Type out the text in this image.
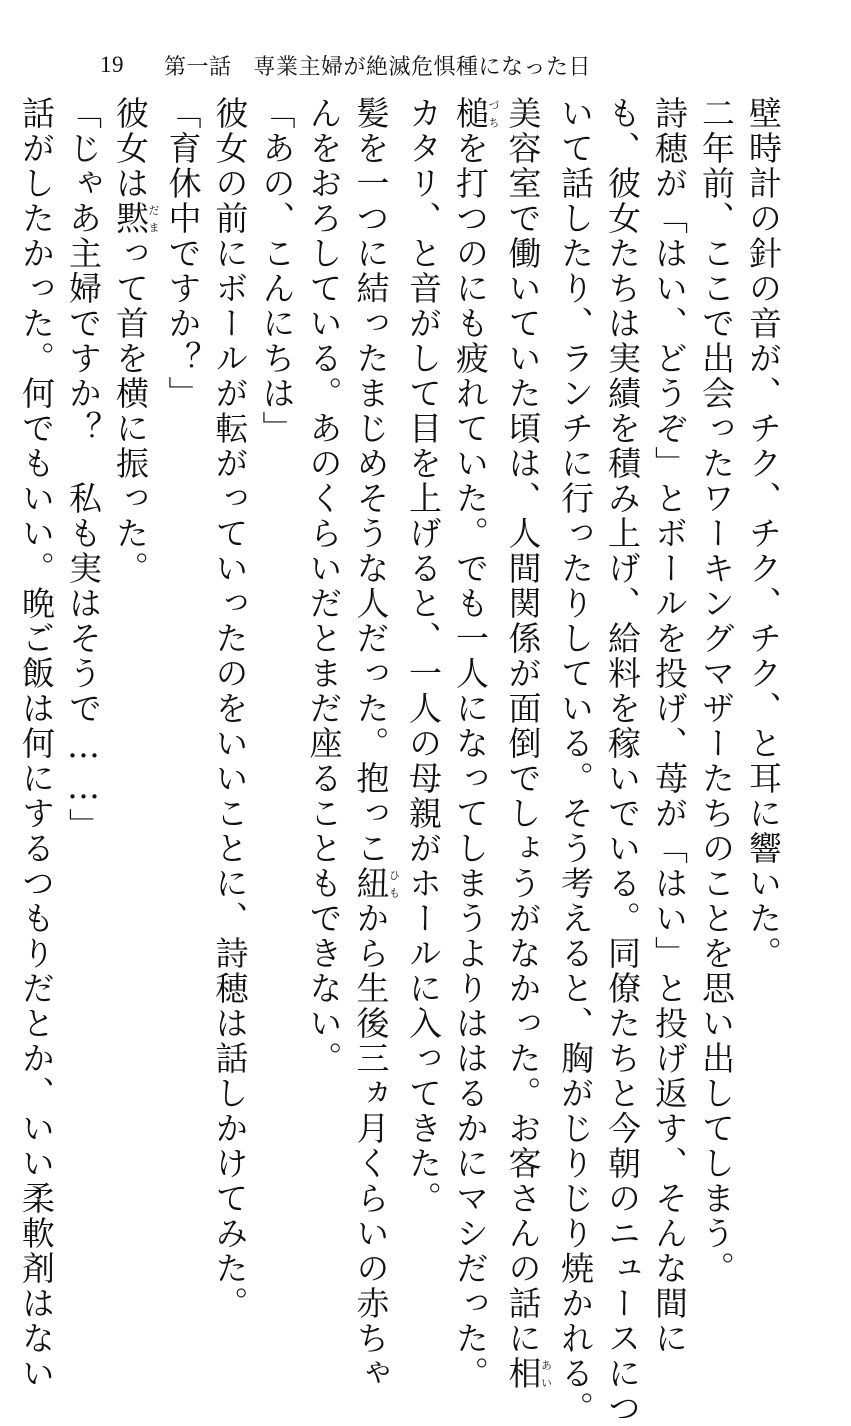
19 第一話 専業主婦が絶滅危惧種になった日
壁時計の針の音が、チク、チク、チク、と耳に響いた。
二年前、ここで出会ったワーキングマザーたちのことを思い出してしまう。
詩穂が「はい、どうぞ」とボールを投げ、苺が「はい」と投げ返す、そんな間に
も、彼女たちは実績を積み上げ、給料を稼いでいる。同僚たちと今朝のニュースにつ
いて話したり、ランチに行ったりしている。そう考えると、胸がじりじり焼かれる。
美容室で働いていた頃は、人間関係が面倒でしょうがなかった。お客さんの話に相あい
槌づちを打つのにも疲れていた。でも一人になってしまうよりははるかにマシだった。
カタリ、と音がして目を上げると、一人の母親がホールに入ってきた。
髪を一つに結ったまじめそうな人だった。抱っこ紐ひもから生後三ヵ月くらいの赤ちゃ
んをおろしている。あのくらいだとまだ座ることもできない。
「あの、こんにちは」
彼女の前にボールが転がっていったのをいいことに、詩穂は話しかけてみた。
「育休中ですか？」
彼女は黙だまって首を横に振った。
「じゃあ主婦ですか？　私も実はそうで……」
話がしたかった。何でもいい。晩ご飯は何にするつもりだとか、いい柔軟剤はない
